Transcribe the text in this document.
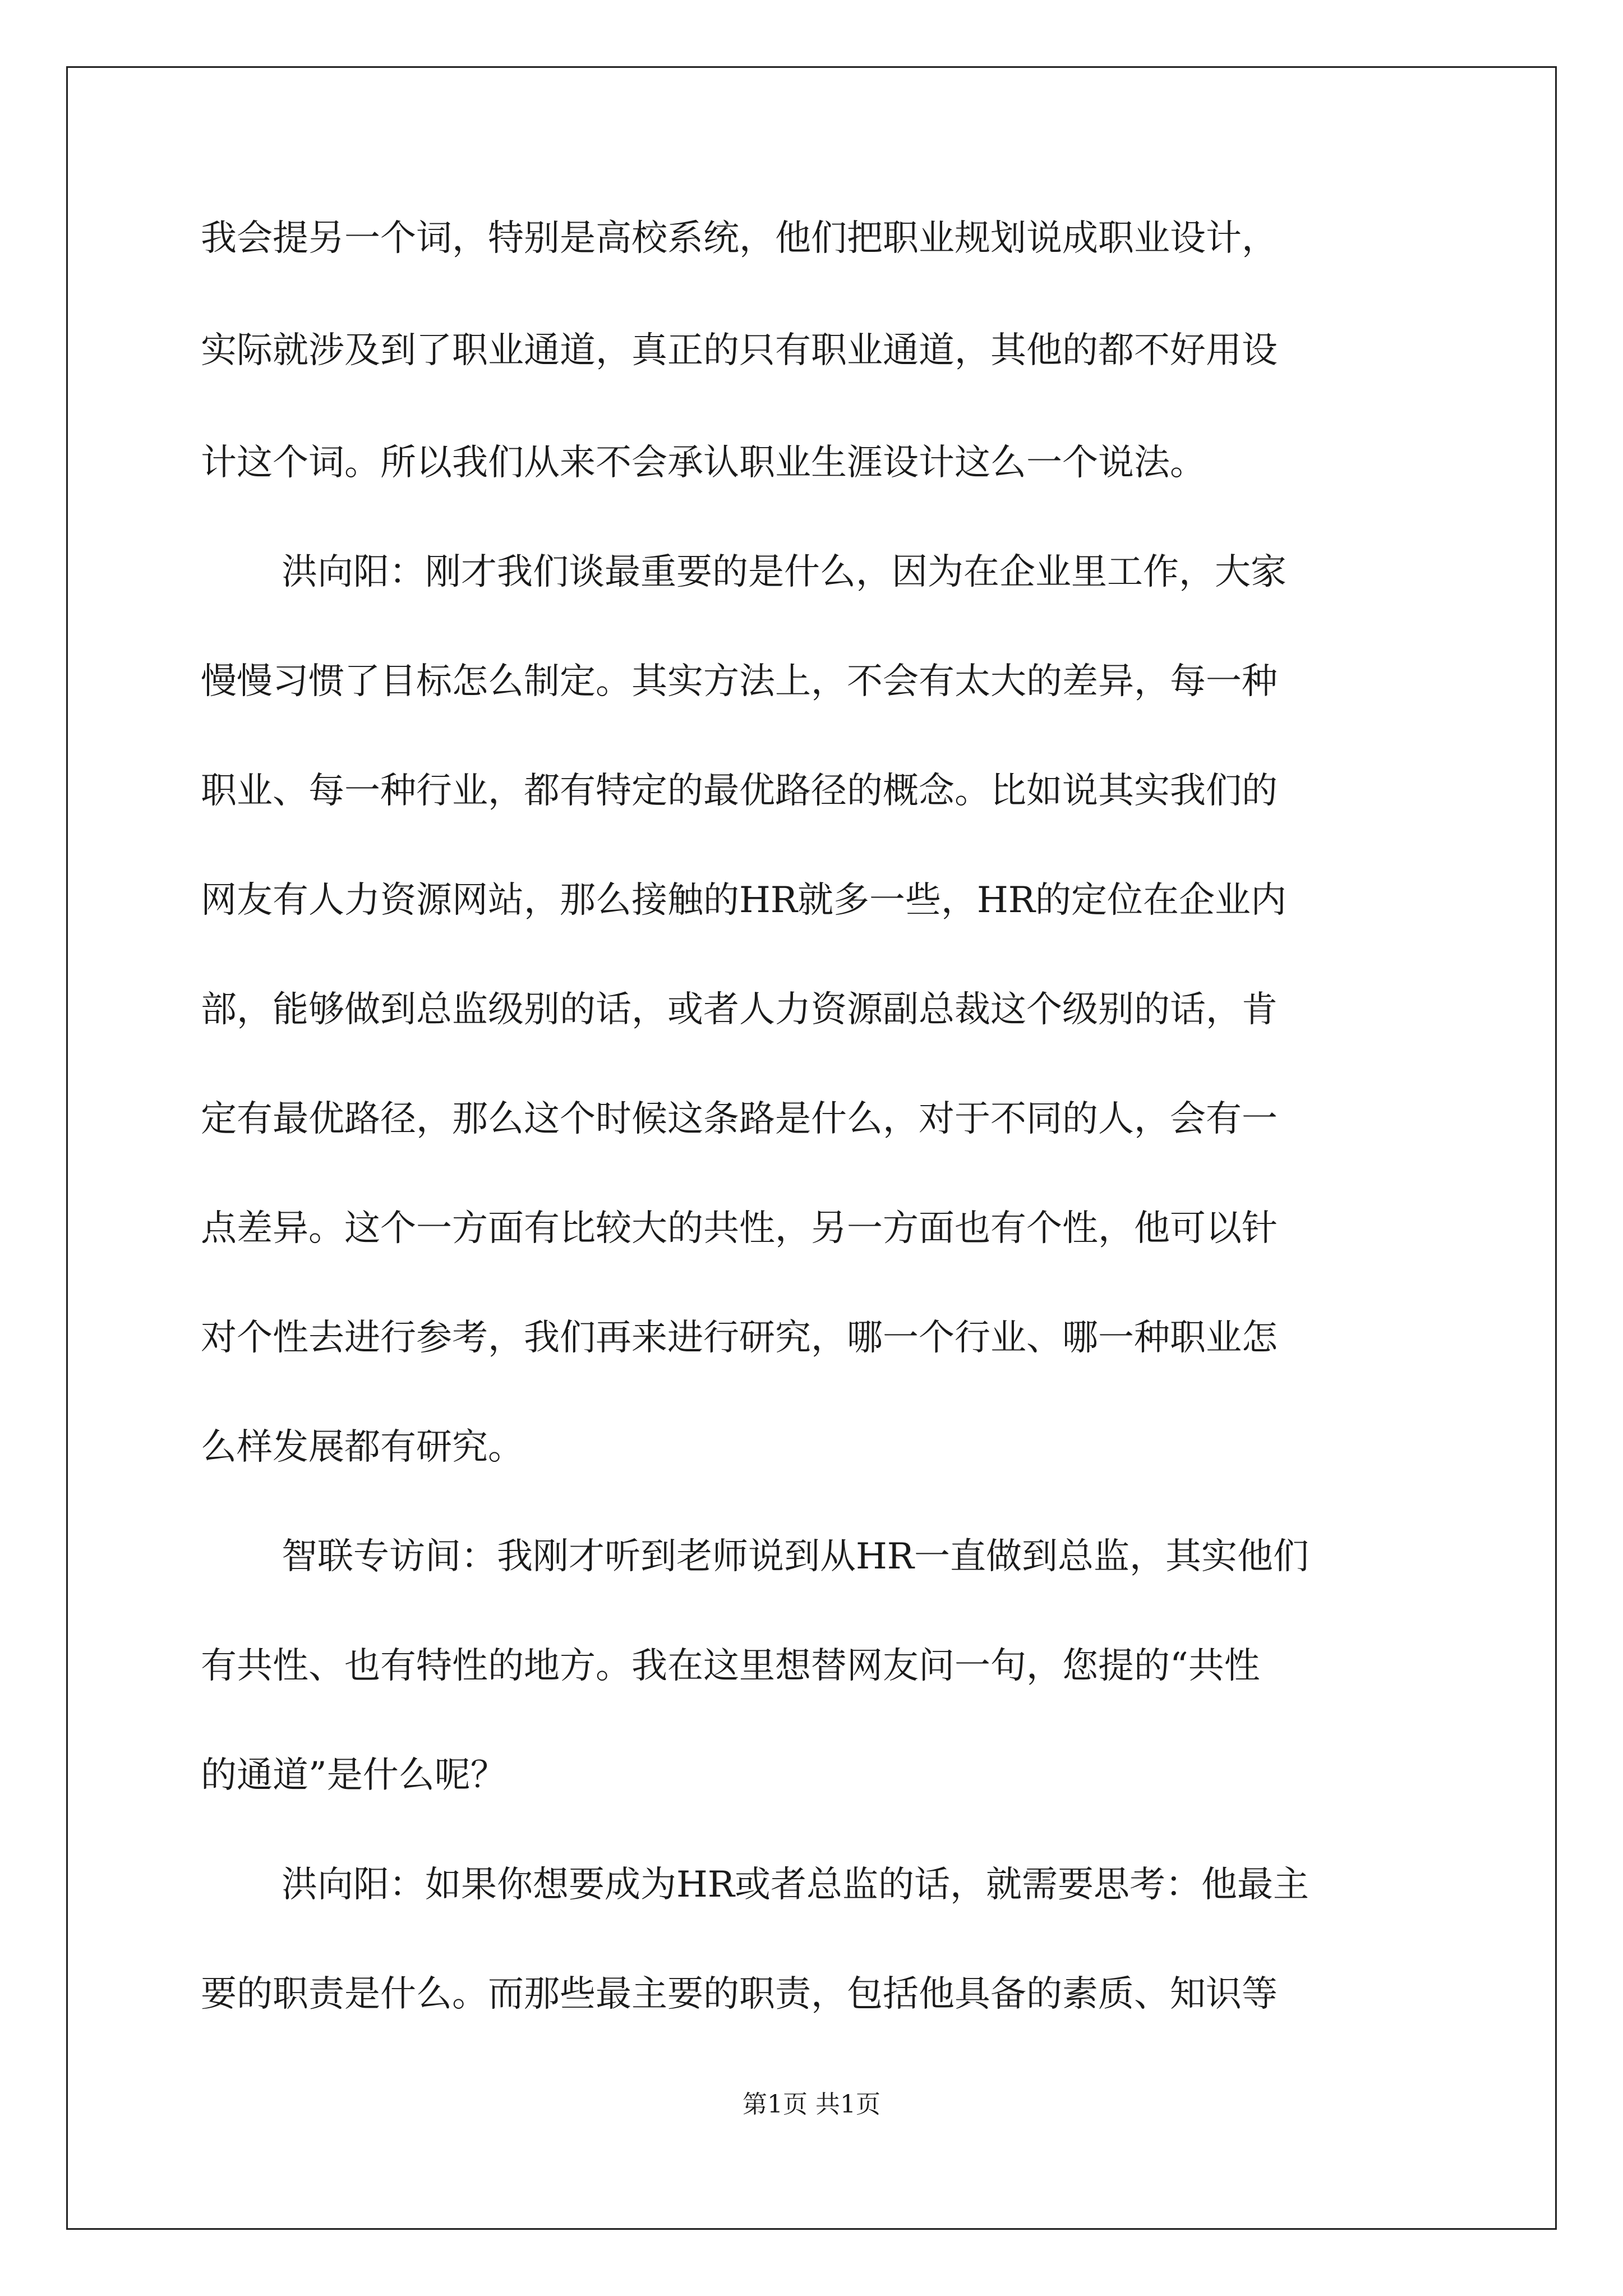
我会提另一个词，特别是高校系统，他们把职业规划说成职业设计，
实际就涉及到了职业通道，真正的只有职业通道，其他的都不好用设
计这个词。所以我们从来不会承认职业生涯设计这么一个说法。
洪向阳：刚才我们谈最重要的是什么，因为在企业里工作，大家
慢慢习惯了目标怎么制定。其实方法上，不会有太大的差异，每一种
职业、每一种行业，都有特定的最优路径的概念。比如说其实我们的
网友有人力资源网站，那么接触的HR就多一些，HR的定位在企业内
部，能够做到总监级别的话，或者人力资源副总裁这个级别的话，肯
定有最优路径，那么这个时候这条路是什么，对于不同的人，会有一
点差异。这个一方面有比较大的共性，另一方面也有个性，他可以针
对个性去进行参考，我们再来进行研究，哪一个行业、哪一种职业怎
么样发展都有研究。
智联专访间：我刚才听到老师说到从HR一直做到总监，其实他们
有共性、也有特性的地方。我在这里想替网友问一句，您提的“共性
的通道”是什么呢？
洪向阳：如果你想要成为HR或者总监的话，就需要思考：他最主
要的职责是什么。而那些最主要的职责，包括他具备的素质、知识等
第1页 共1页
